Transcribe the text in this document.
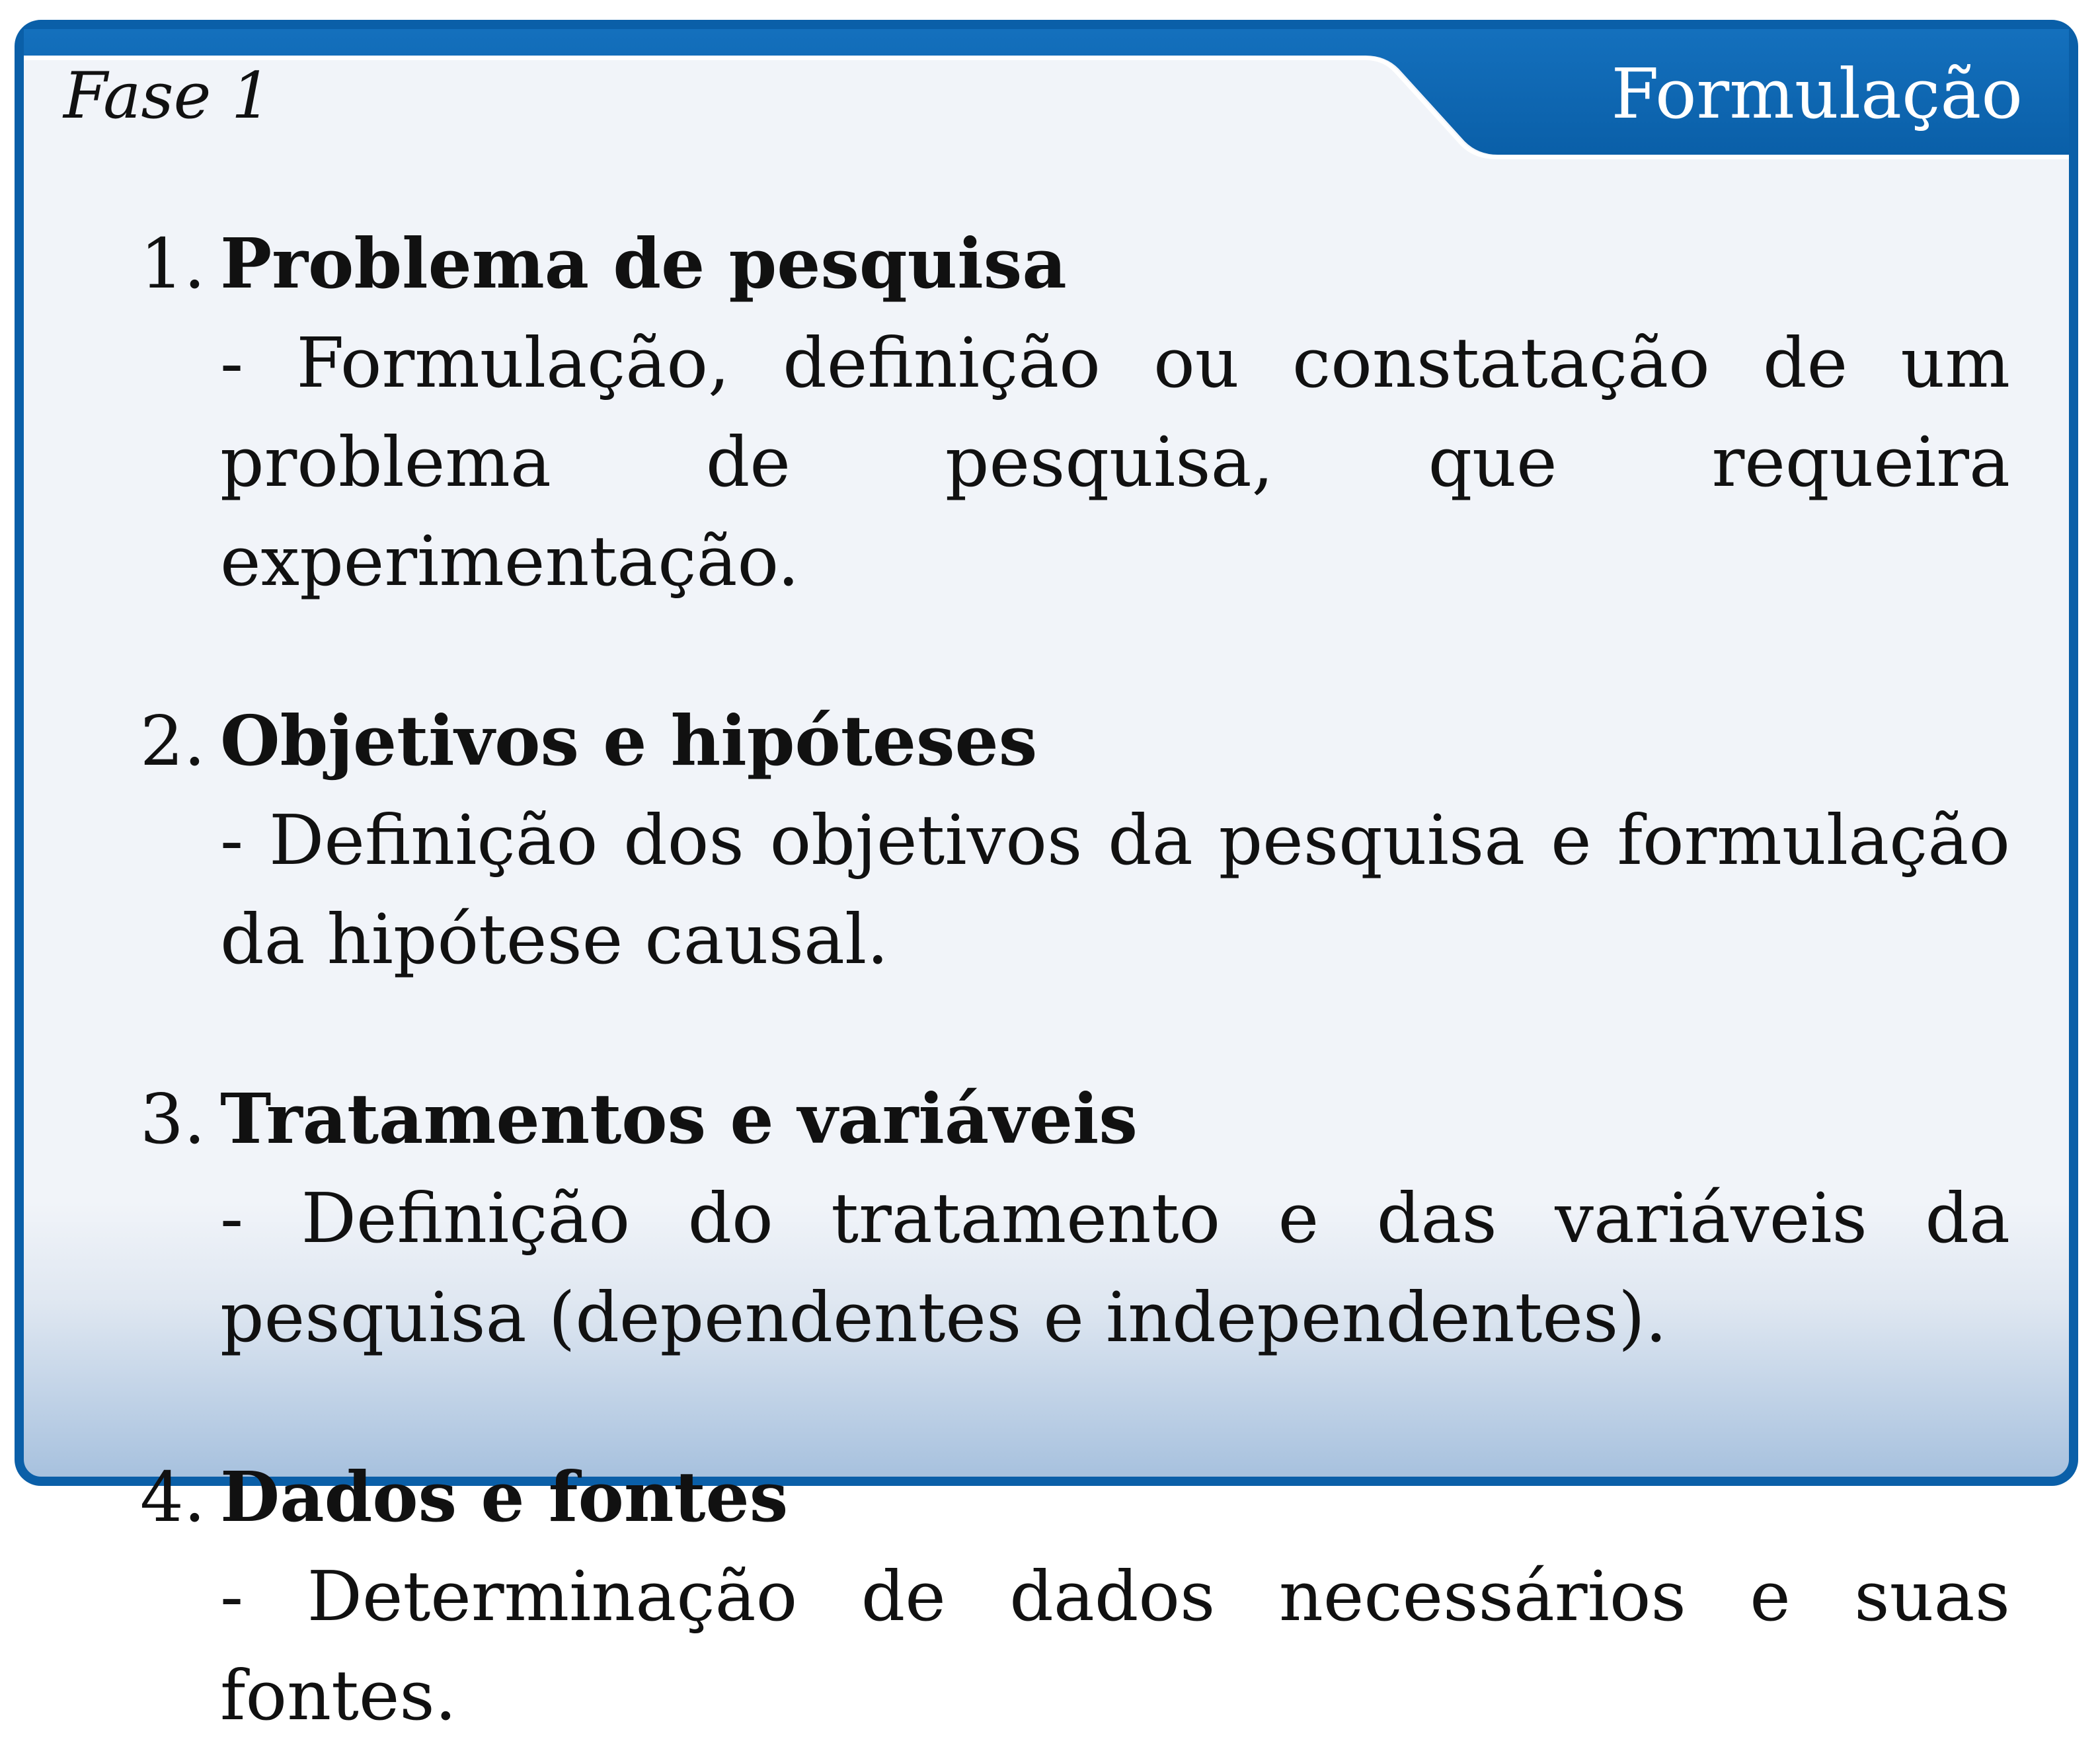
Fase 1	Formulação
1. Problema de pesquisa
- Formulação, definição ou constatação de um problema de pesquisa, que requeira experimentação.
2. Objetivos e hipóteses
- Definição dos objetivos da pesquisa e formulação da hipótese causal.
3. Tratamentos e variáveis
- Definição do tratamento e das variáveis da pesquisa (dependentes e independentes).
4. Dados e fontes
- Determinação de dados necessários e suas fontes.
